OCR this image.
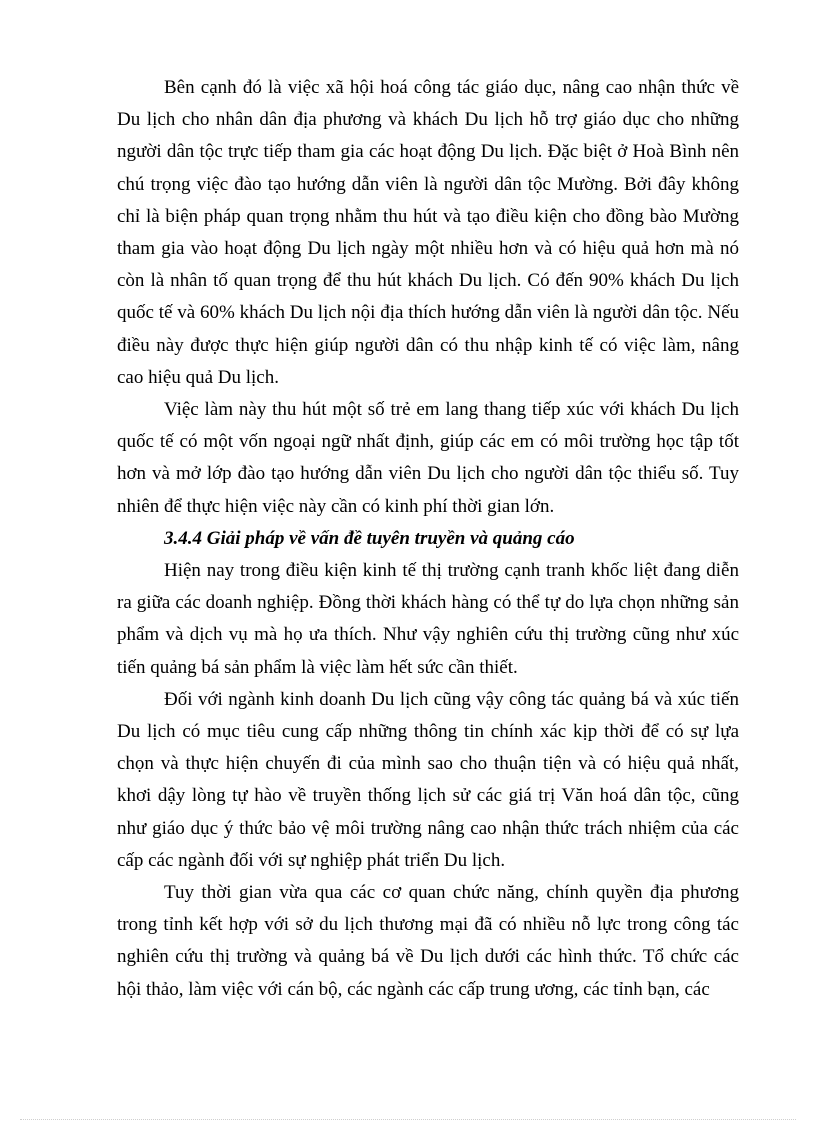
Bên cạnh đó là việc xã hội hoá công tác giáo dục, nâng cao nhận thức về Du lịch cho nhân dân địa phương và khách Du lịch hỗ trợ giáo dục cho những người dân tộc trực tiếp tham gia các hoạt động Du lịch. Đặc biệt ở Hoà Bình nên chú trọng việc đào tạo hướng dẫn viên là người dân tộc Mường. Bởi đây không chỉ là biện pháp quan trọng nhằm thu hút và tạo điều kiện cho đồng bào Mường tham gia vào hoạt động Du lịch ngày một nhiều hơn và có hiệu quả hơn mà nó còn là nhân tố quan trọng để thu hút khách Du lịch. Có đến 90% khách Du lịch quốc tế và 60% khách Du lịch nội địa thích hướng dẫn viên là người dân tộc. Nếu điều này được thực hiện giúp người dân có thu nhập kinh tế có việc làm, nâng cao hiệu quả Du lịch.

Việc làm này thu hút một số trẻ em lang thang tiếp xúc với khách Du lịch quốc tế có một vốn ngoại ngữ nhất định, giúp các em có môi trường học tập tốt hơn và mở lớp đào tạo hướng dẫn viên Du lịch cho người dân tộc thiểu số. Tuy nhiên để thực hiện việc này cần có kinh phí thời gian lớn.

3.4.4 Giải pháp về vấn đề tuyên truyền và quảng cáo

Hiện nay trong điều kiện kinh tế thị trường cạnh tranh khốc liệt đang diễn ra giữa các doanh nghiệp. Đồng thời khách hàng có thể tự do lựa chọn những sản phẩm và dịch vụ mà họ ưa thích. Như vậy nghiên cứu thị trường cũng như xúc tiến quảng bá sản phẩm là việc làm hết sức cần thiết.

Đối với ngành kinh doanh Du lịch cũng vậy công tác quảng bá và xúc tiến Du lịch có mục tiêu cung cấp những thông tin chính xác kịp thời để có sự lựa chọn và thực hiện chuyến đi của mình sao cho thuận tiện và có hiệu quả nhất, khơi dậy lòng tự hào về truyền thống lịch sử các giá trị Văn hoá dân tộc, cũng như giáo dục ý thức bảo vệ môi trường nâng cao nhận thức trách nhiệm của các cấp các ngành đối với sự nghiệp phát triển Du lịch.

Tuy thời gian vừa qua các cơ quan chức năng, chính quyền địa phương trong tỉnh kết hợp với sở du lịch thương mại đã có nhiều nỗ lực trong công tác nghiên cứu thị trường và quảng bá về Du lịch dưới các hình thức. Tổ chức các hội thảo, làm việc với cán bộ, các ngành các cấp trung ương, các tỉnh bạn, các
